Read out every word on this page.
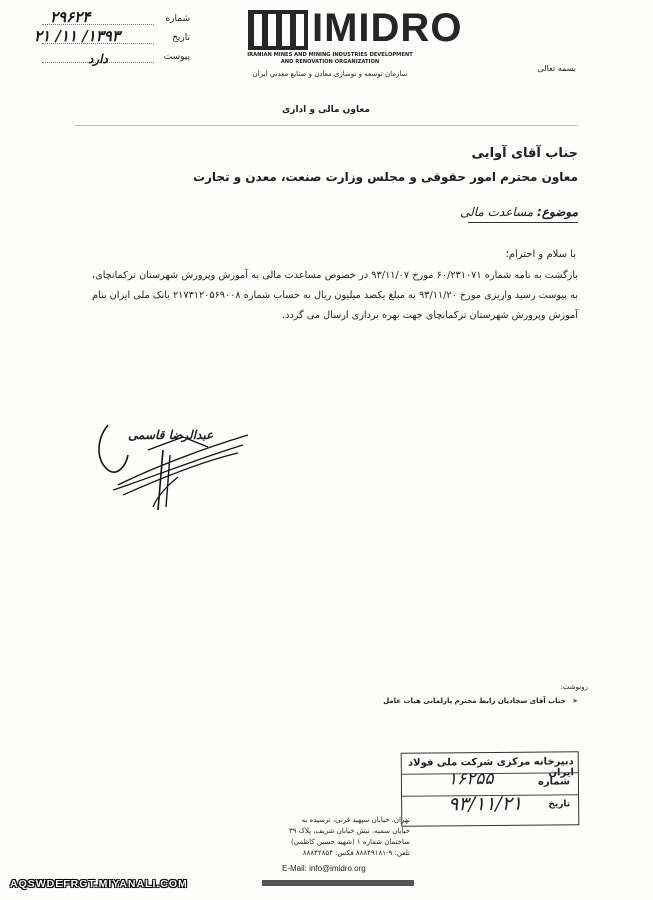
شماره
۲۹۶۲۴
تاریخ
۱۳۹۳/ ۱۱/ ۲۱
پیوست
دارد
IMIDRO
IRANIAN MINES AND MINING INDUSTRIES DEVELOPMENT
AND RENOVATION ORGANIZATION
سازمان توسعه و نوسازی معادن و صنایع معدنی ایران
بسمه تعالی
معاون مالی و اداری
جناب آقای آوایی
معاون محترم امور حقوقی و مجلس وزارت صنعت، معدن و تجارت
موضوع: مساعدت مالی
با سلام و احترام؛
بازگشت به نامه شماره ۶۰/۲۳۱۰۷۱ مورخ ۹۳/۱۱/۰۷ در خصوص مساعدت مالی به آموزش وپرورش شهرستان ترکمانچای، به پیوست رسید واریزی مورخ ۹۳/۱۱/۲۰ به مبلغ یکصد میلیون ریال به حساب شماره ۲۱۷۳۱۲۰۵۶۹۰۰۸ بانک ملی ایران بنام آموزش وپرورش شهرستان ترکمانچای جهت بهره برداری ارسال می گردد.
عبدالرضا قاسمی
رونوشت:
➤ جناب آقای سجادیان رابط محترم پارلمانی هیات عامل
دبیرخانه مرکزی شرکت ملی فولاد ایران
شماره
۱۶۲۵۵
تاریخ
۹۳/۱۱/۲۱
تهران، خیابان سپهبد قرنی، نرسیده به
خیابان سمیه، نبش خیابان شریف، پلاک ۳۹
ساختمان شماره ۱ (شهید حسین کاظمی)
تلفن: ۹-۸۸۸۴۹۱۸۱ فکس: ۸۸۸۴۲۸۵۴
E-Mail: info@imidro.org
AQSWDEFRGT.MIYANALI.COM
